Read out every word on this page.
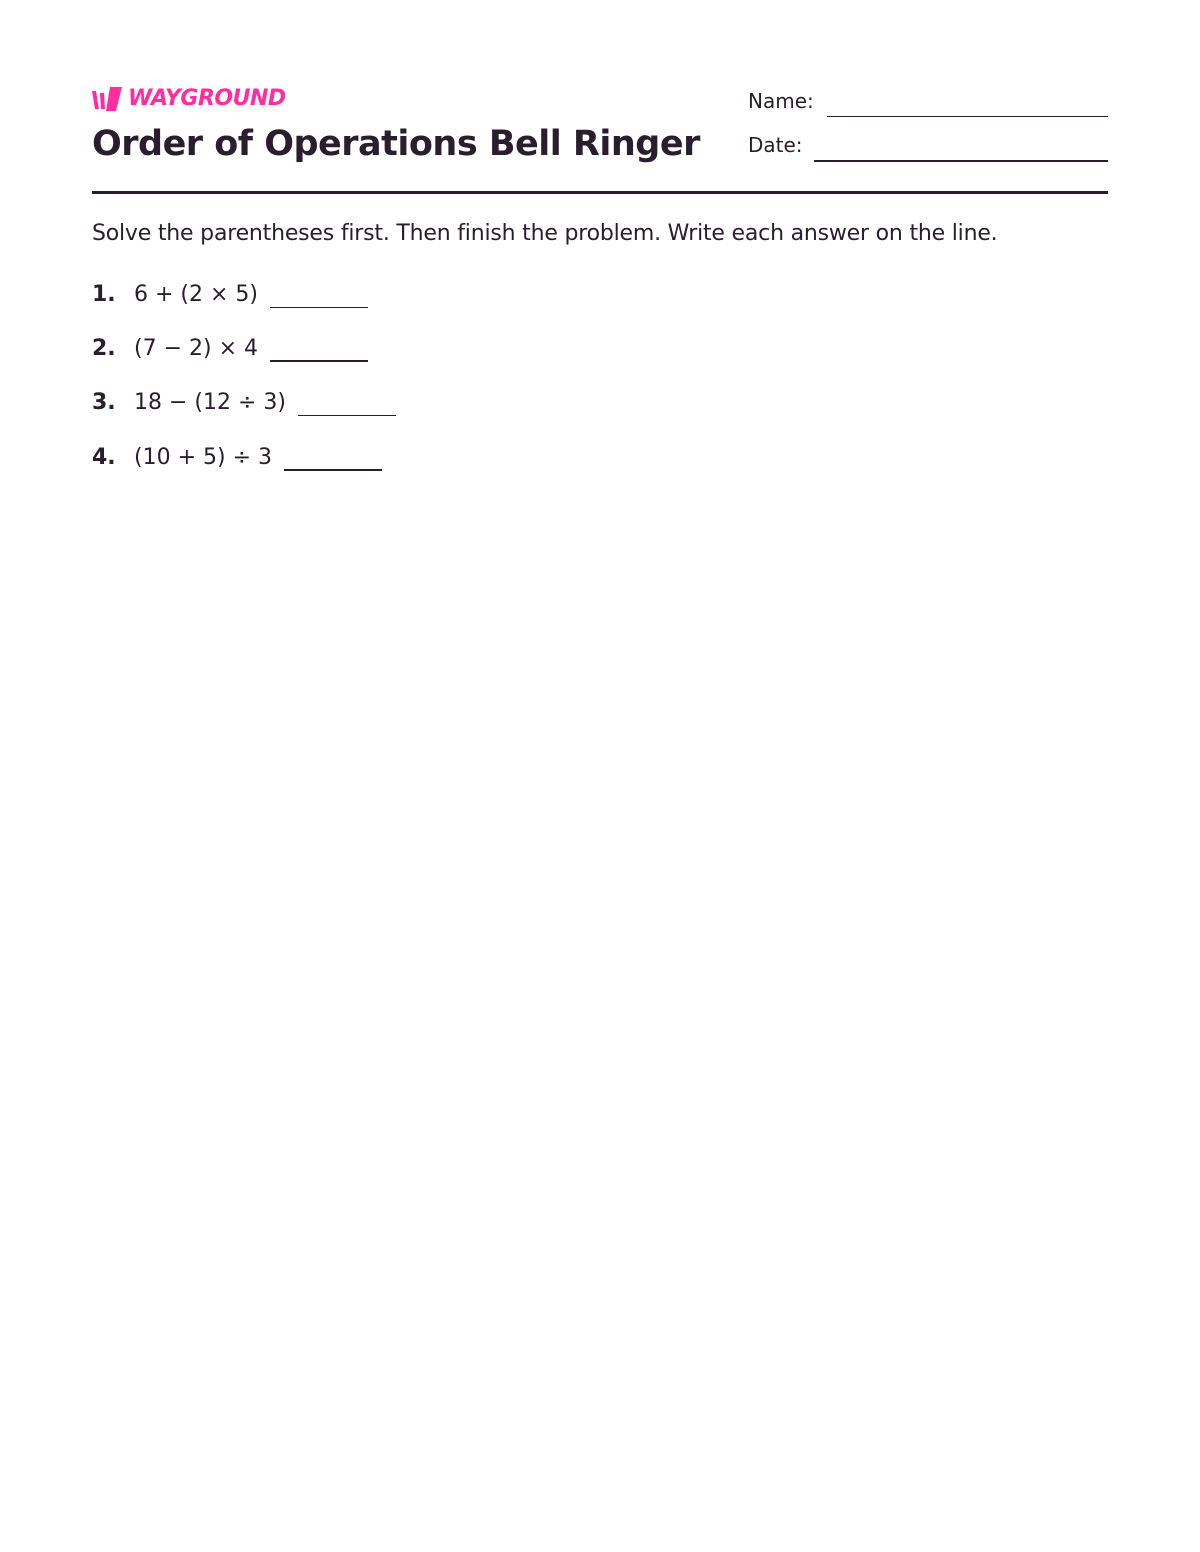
WAYGROUND
Order of Operations Bell Ringer
Name:
Date:
Solve the parentheses first. Then finish the problem. Write each answer on the line.
1. 6 + (2 × 5)
2. (7 − 2) × 4
3. 18 − (12 ÷ 3)
4. (10 + 5) ÷ 3
